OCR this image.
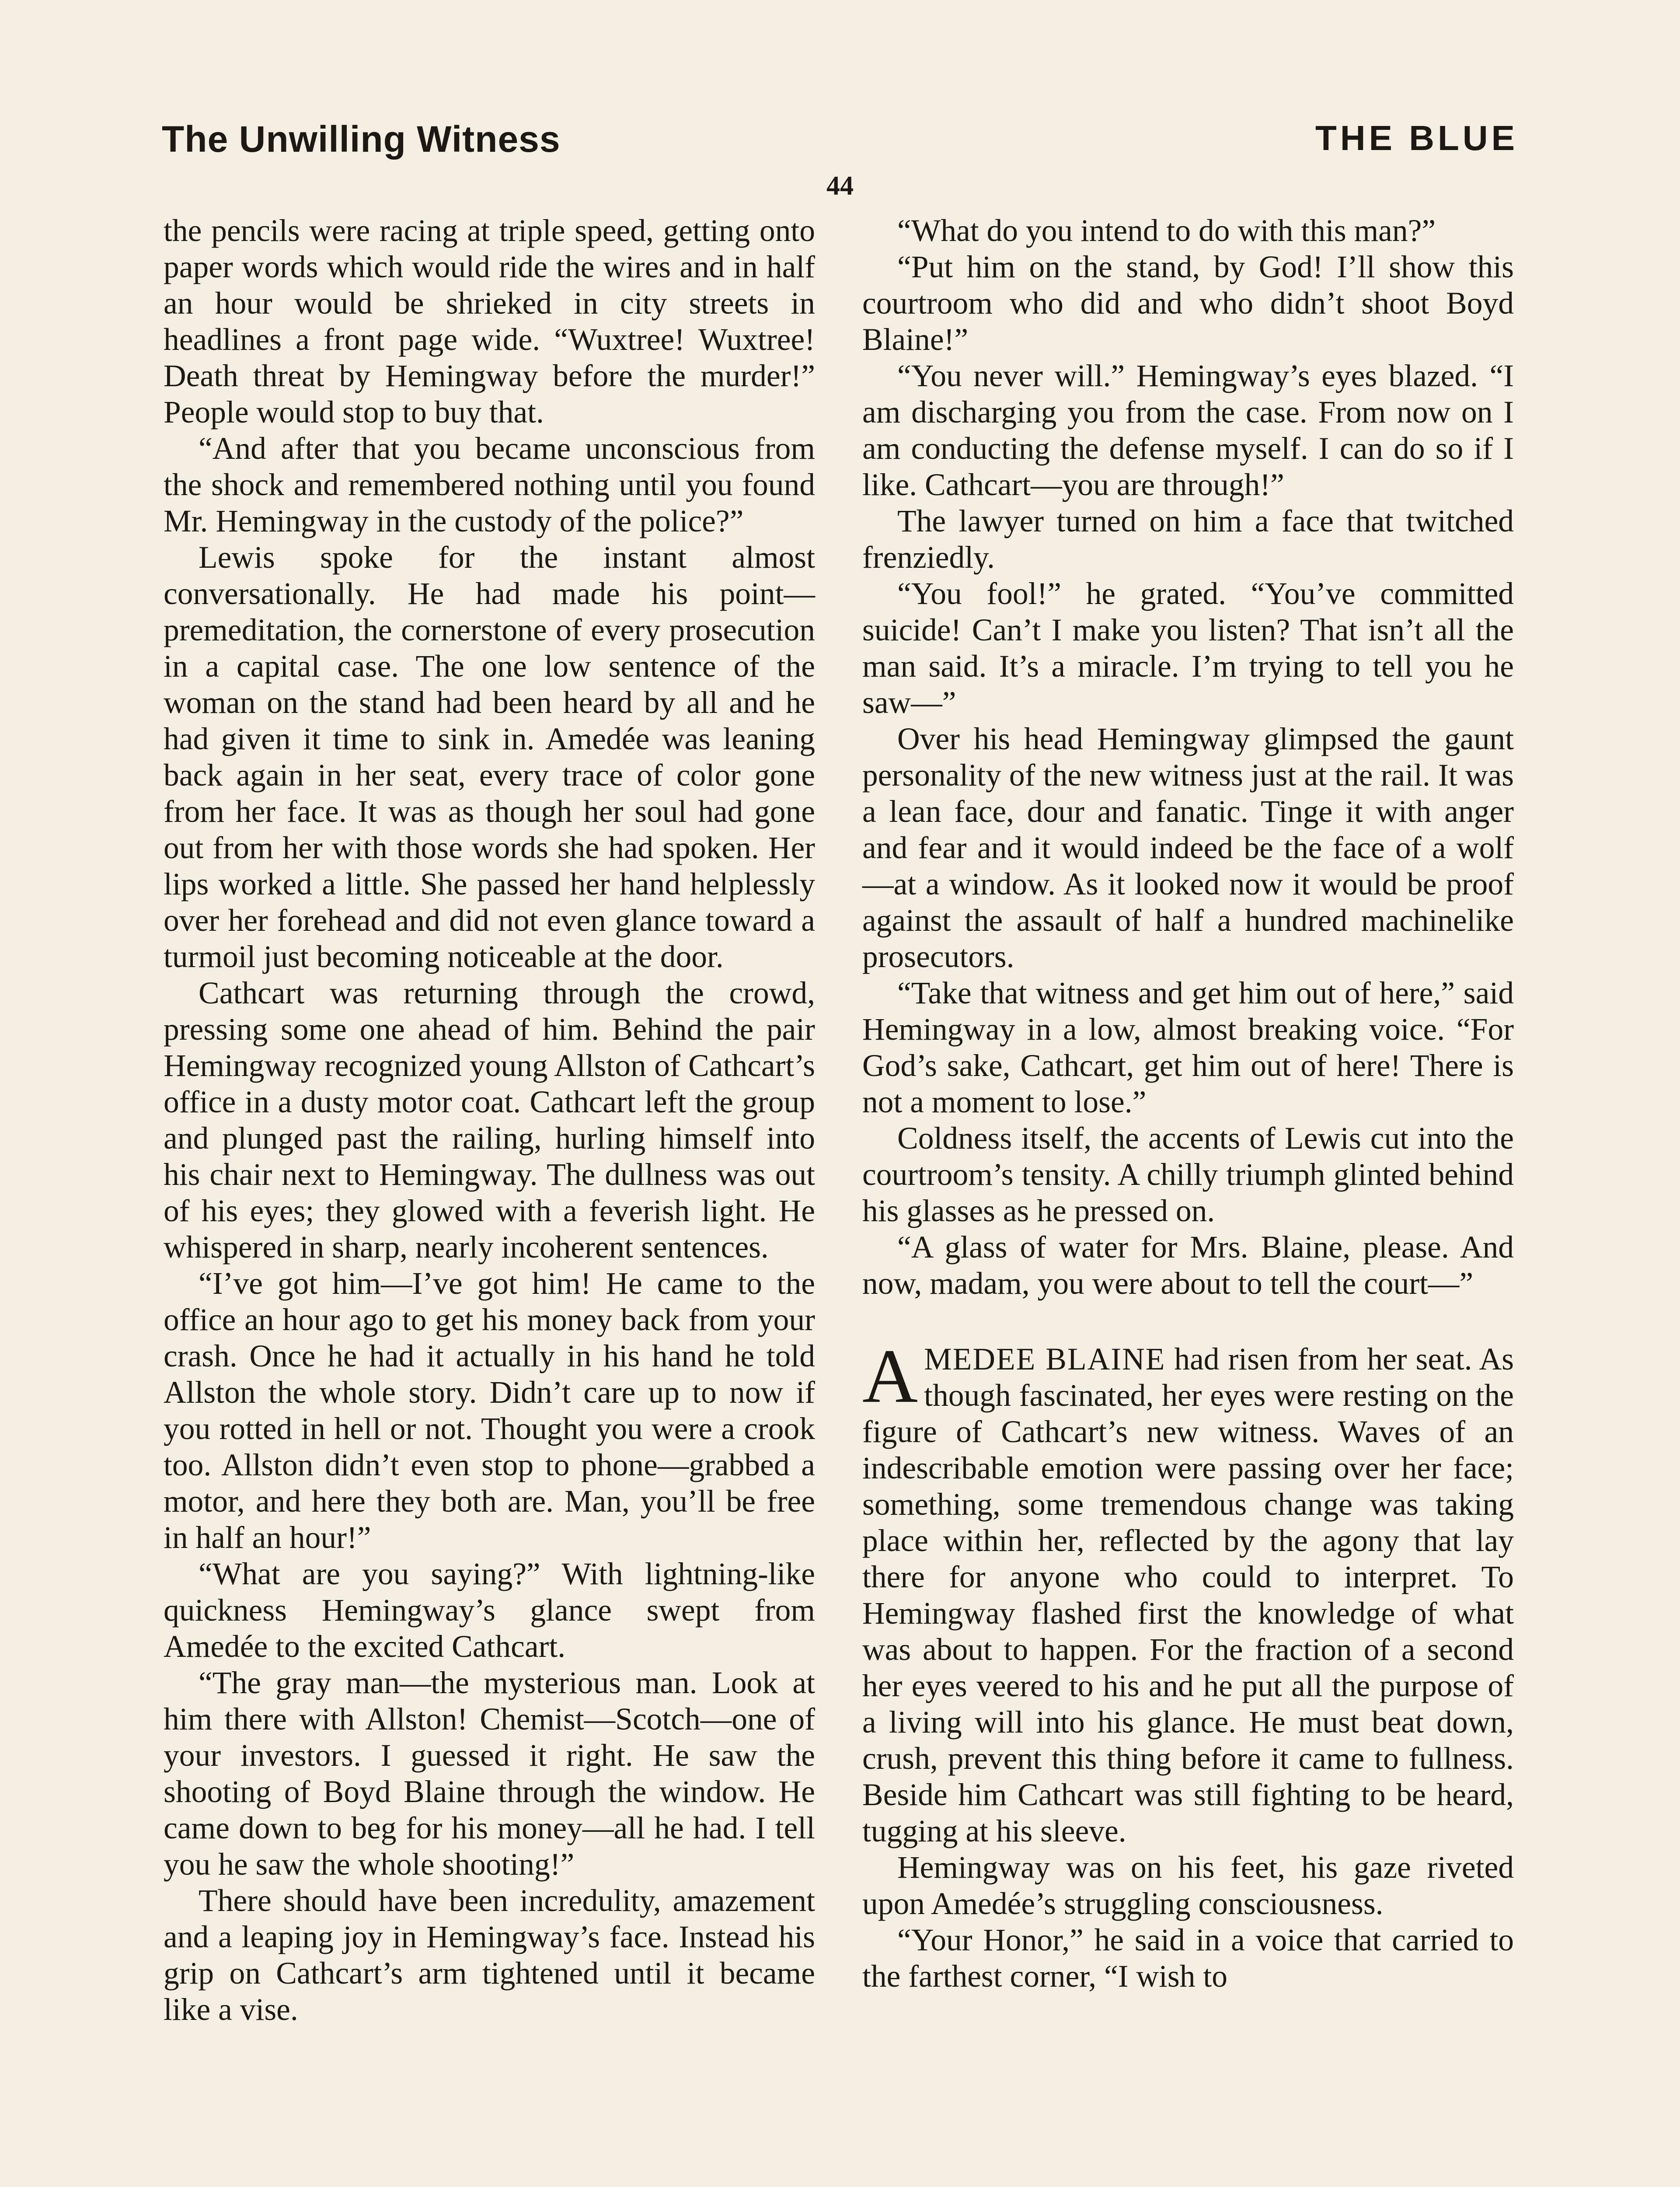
The Unwilling Witness	THE BLUE
44

the pencils were racing at triple speed, getting onto paper words which would ride the wires and in half an hour would be shrieked in city streets in headlines a front page wide. “Wuxtree! Wuxtree! Death threat by Hemingway before the murder!” People would stop to buy that.

“And after that you became unconscious from the shock and remembered nothing until you found Mr. Hemingway in the custody of the police?”

Lewis spoke for the instant almost conversationally. He had made his point—premeditation, the cornerstone of every prosecution in a capital case. The one low sentence of the woman on the stand had been heard by all and he had given it time to sink in. Amedée was leaning back again in her seat, every trace of color gone from her face. It was as though her soul had gone out from her with those words she had spoken. Her lips worked a little. She passed her hand helplessly over her forehead and did not even glance toward a turmoil just becoming noticeable at the door.

Cathcart was returning through the crowd, pressing some one ahead of him. Behind the pair Hemingway recognized young Allston of Cathcart’s office in a dusty motor coat. Cathcart left the group and plunged past the railing, hurling himself into his chair next to Hemingway. The dullness was out of his eyes; they glowed with a feverish light. He whispered in sharp, nearly incoherent sentences.

“I’ve got him—I’ve got him! He came to the office an hour ago to get his money back from your crash. Once he had it actually in his hand he told Allston the whole story. Didn’t care up to now if you rotted in hell or not. Thought you were a crook too. Allston didn’t even stop to phone—grabbed a motor, and here they both are. Man, you’ll be free in half an hour!”

“What are you saying?” With lightning-like quickness Hemingway’s glance swept from Amedée to the excited Cathcart.

“The gray man—the mysterious man. Look at him there with Allston! Chemist—Scotch—one of your investors. I guessed it right. He saw the shooting of Boyd Blaine through the window. He came down to beg for his money—all he had. I tell you he saw the whole shooting!”

There should have been incredulity, amazement and a leaping joy in Hemingway’s face. Instead his grip on Cathcart’s arm tightened until it became like a vise.

“What do you intend to do with this man?”

“Put him on the stand, by God! I’ll show this courtroom who did and who didn’t shoot Boyd Blaine!”

“You never will.” Hemingway’s eyes blazed. “I am discharging you from the case. From now on I am conducting the defense myself. I can do so if I like. Cathcart—you are through!”

The lawyer turned on him a face that twitched frenziedly.

“You fool!” he grated. “You’ve committed suicide! Can’t I make you listen? That isn’t all the man said. It’s a miracle. I’m trying to tell you he saw—”

Over his head Hemingway glimpsed the gaunt personality of the new witness just at the rail. It was a lean face, dour and fanatic. Tinge it with anger and fear and it would indeed be the face of a wolf—at a window. As it looked now it would be proof against the assault of half a hundred machinelike prosecutors.

“Take that witness and get him out of here,” said Hemingway in a low, almost breaking voice. “For God’s sake, Cathcart, get him out of here! There is not a moment to lose.”

Coldness itself, the accents of Lewis cut into the courtroom’s tensity. A chilly triumph glinted behind his glasses as he pressed on.

“A glass of water for Mrs. Blaine, please. And now, madam, you were about to tell the court—”

AMEDEE BLAINE had risen from her seat. As though fascinated, her eyes were resting on the figure of Cathcart’s new witness. Waves of an indescribable emotion were passing over her face; something, some tremendous change was taking place within her, reflected by the agony that lay there for anyone who could to interpret. To Hemingway flashed first the knowledge of what was about to happen. For the fraction of a second her eyes veered to his and he put all the purpose of a living will into his glance. He must beat down, crush, prevent this thing before it came to fullness. Beside him Cathcart was still fighting to be heard, tugging at his sleeve.

Hemingway was on his feet, his gaze riveted upon Amedée’s struggling consciousness.

“Your Honor,” he said in a voice that carried to the farthest corner, “I wish to
